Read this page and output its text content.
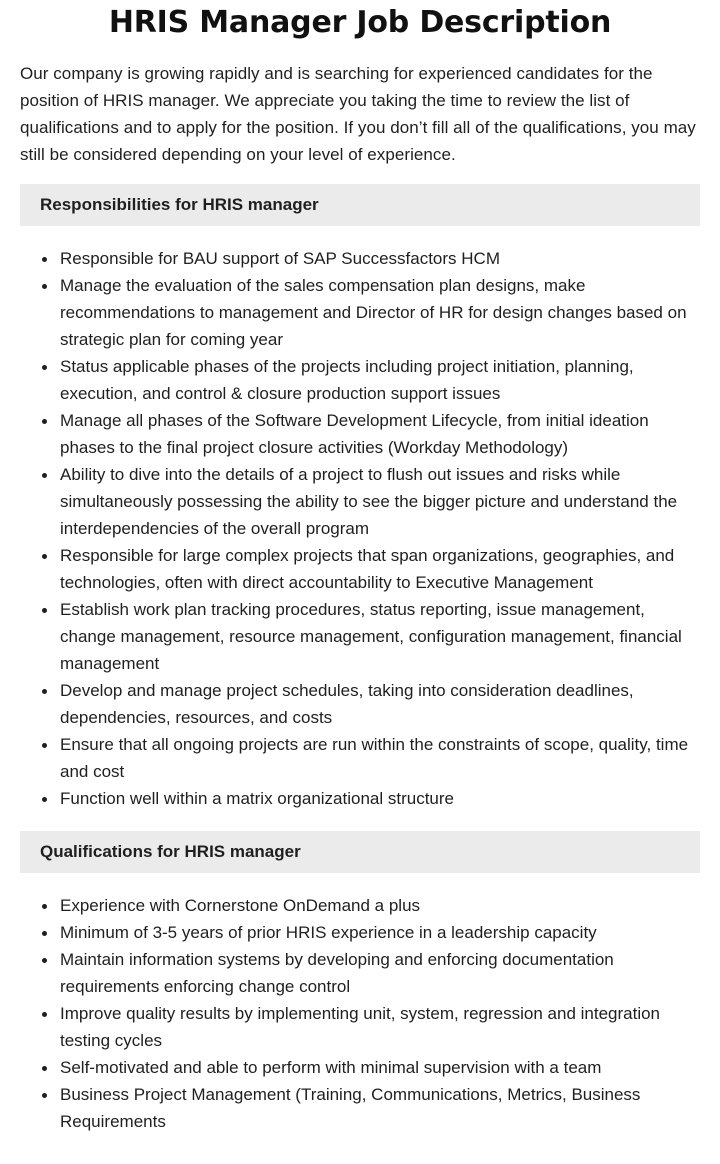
HRIS Manager Job Description

Our company is growing rapidly and is searching for experienced candidates for the position of HRIS manager. We appreciate you taking the time to review the list of qualifications and to apply for the position. If you don’t fill all of the qualifications, you may still be considered depending on your level of experience.

Responsibilities for HRIS manager
Responsible for BAU support of SAP Successfactors HCM
Manage the evaluation of the sales compensation plan designs, make recommendations to management and Director of HR for design changes based on strategic plan for coming year
Status applicable phases of the projects including project initiation, planning, execution, and control & closure production support issues
Manage all phases of the Software Development Lifecycle, from initial ideation phases to the final project closure activities (Workday Methodology)
Ability to dive into the details of a project to flush out issues and risks while simultaneously possessing the ability to see the bigger picture and understand the interdependencies of the overall program
Responsible for large complex projects that span organizations, geographies, and technologies, often with direct accountability to Executive Management
Establish work plan tracking procedures, status reporting, issue management, change management, resource management, configuration management, financial management
Develop and manage project schedules, taking into consideration deadlines, dependencies, resources, and costs
Ensure that all ongoing projects are run within the constraints of scope, quality, time and cost
Function well within a matrix organizational structure
Qualifications for HRIS manager
Experience with Cornerstone OnDemand a plus
Minimum of 3-5 years of prior HRIS experience in a leadership capacity
Maintain information systems by developing and enforcing documentation requirements enforcing change control
Improve quality results by implementing unit, system, regression and integration testing cycles
Self-motivated and able to perform with minimal supervision with a team
Business Project Management (Training, Communications, Metrics, Business Requirements
